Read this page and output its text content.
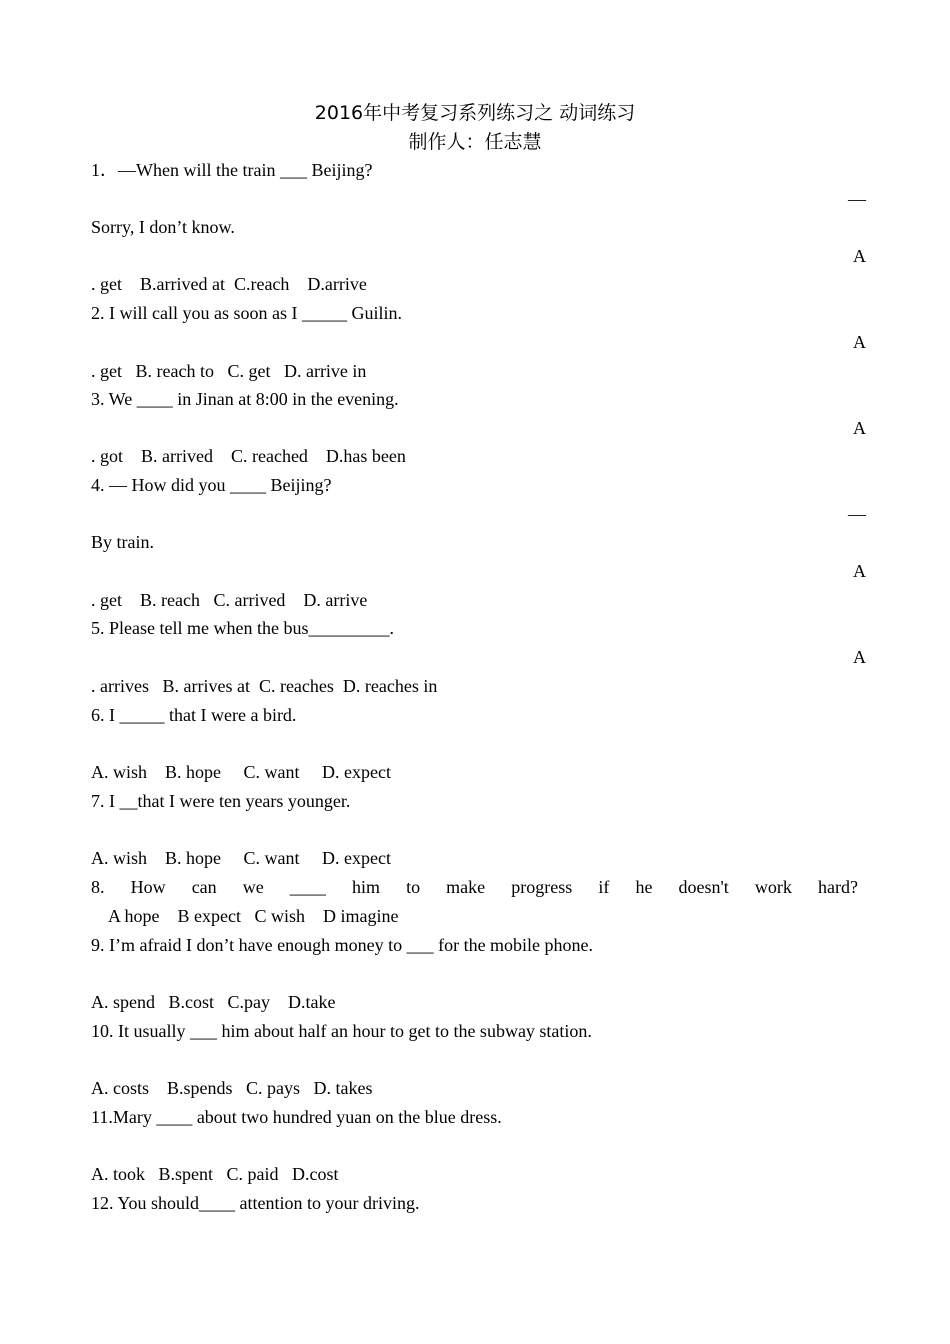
2016年中考复习系列练习之 动词练习
制作人：任志慧
1．—When will the train ___ Beijing?
—
Sorry, I don’t know.
A
. get    B.arrived at  C.reach    D.arrive
2. I will call you as soon as I _____ Guilin.
A
. get   B. reach to   C. get   D. arrive in
3. We ____ in Jinan at 8:00 in the evening.
A
. got    B. arrived    C. reached    D.has been
4. — How did you ____ Beijing?
—
By train.
A
. get    B. reach   C. arrived    D. arrive
5. Please tell me when the bus_________.
A
. arrives   B. arrives at  C. reaches  D. reaches in
6. I _____ that I were a bird.
A. wish    B. hope     C. want     D. expect
7. I __that I were ten years younger.
A. wish    B. hope     C. want     D. expect
8. How can we ____ him to make progress if he doesn't work hard?
A hope    B expect   C wish    D imagine
9. I’m afraid I don’t have enough money to ___ for the mobile phone.
A. spend   B.cost   C.pay    D.take
10. It usually ___ him about half an hour to get to the subway station.
A. costs    B.spends   C. pays   D. takes
11.Mary ____ about two hundred yuan on the blue dress.
A. took   B.spent   C. paid   D.cost
12. You should____ attention to your driving.
